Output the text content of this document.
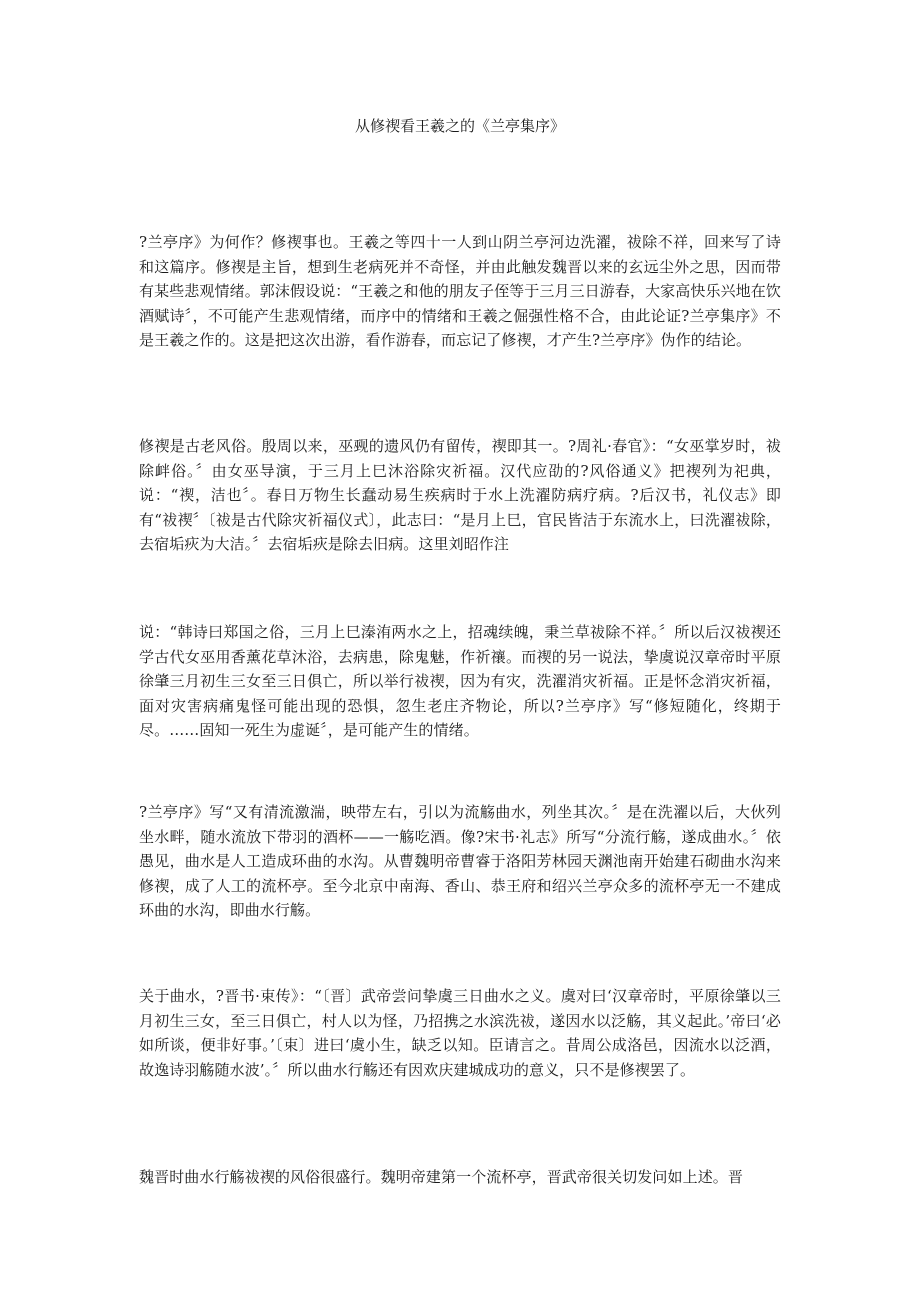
从修禊看王羲之的《兰亭集序》

?兰亭序》为何作？修禊事也。王羲之等四十一人到山阴兰亭河边洗濯，祓除不祥，回来写了诗和这篇序。修禊是主旨，想到生老病死并不奇怪，并由此触发魏晋以来的玄远尘外之思，因而带有某些悲观情绪。郭沫假设说：“王羲之和他的朋友子侄等于三月三日游春，大家高快乐兴地在饮酒赋诗〞，不可能产生悲观情绪，而序中的情绪和王羲之倔强性格不合，由此论证?兰亭集序》不是王羲之作的。这是把这次出游，看作游春，而忘记了修禊，才产生?兰亭序》伪作的结论。

修禊是古老风俗。殷周以来，巫觋的遗风仍有留传，禊即其一。?周礼·春官》：“女巫掌岁时，祓除衅俗。〞由女巫导演，于三月上巳沐浴除灾祈福。汉代应劭的?风俗通义》把禊列为祀典，说：“禊，洁也〞。春日万物生长蠢动易生疾病时于水上洗濯防病疗病。?后汉书，礼仪志》即有“祓禊〞〔祓是古代除灾祈福仪式〕，此志曰：“是月上巳，官民皆洁于东流水上，曰洗濯祓除，去宿垢疢为大洁。〞去宿垢疢是除去旧病。这里刘昭作注

说：“韩诗曰郑国之俗，三月上巳溱洧两水之上，招魂续魄，秉兰草祓除不祥。〞所以后汉祓禊还学古代女巫用香薰花草沐浴，去病患，除鬼魅，作祈禳。而禊的另一说法，挚虞说汉章帝时平原徐肇三月初生三女至三日俱亡，所以举行祓禊，因为有灾，洗濯消灾祈福。正是怀念消灾祈福，面对灾害病痛鬼怪可能出现的恐惧，忽生老庄齐物论，所以?兰亭序》写“修短随化，终期于尽。……固知一死生为虚诞〞，是可能产生的情绪。

?兰亭序》写“又有清流激湍，映带左右，引以为流觞曲水，列坐其次。〞是在洗濯以后，大伙列坐水畔，随水流放下带羽的酒杯——一觞吃酒。像?宋书·礼志》所写“分流行觞，遂成曲水。〞依愚见，曲水是人工造成环曲的水沟。从曹魏明帝曹睿于洛阳芳林园天渊池南开始建石砌曲水沟来修禊，成了人工的流杯亭。至今北京中南海、香山、恭王府和绍兴兰亭众多的流杯亭无一不建成环曲的水沟，即曲水行觞。

关于曲水，?晋书·束传》：“〔晋〕武帝尝问挚虞三日曲水之义。虞对曰‘汉章帝时，平原徐肇以三月初生三女，至三日俱亡，村人以为怪，乃招携之水滨洗祓，遂因水以泛觞，其义起此。’帝曰‘必如所谈，便非好事。’〔束〕进曰‘虞小生，缺乏以知。臣请言之。昔周公成洛邑，因流水以泛酒，故逸诗羽觞随水波’。〞所以曲水行觞还有因欢庆建城成功的意义，只不是修禊罢了。

魏晋时曲水行觞祓禊的风俗很盛行。魏明帝建第一个流杯亭，晋武帝很关切发问如上述。晋
